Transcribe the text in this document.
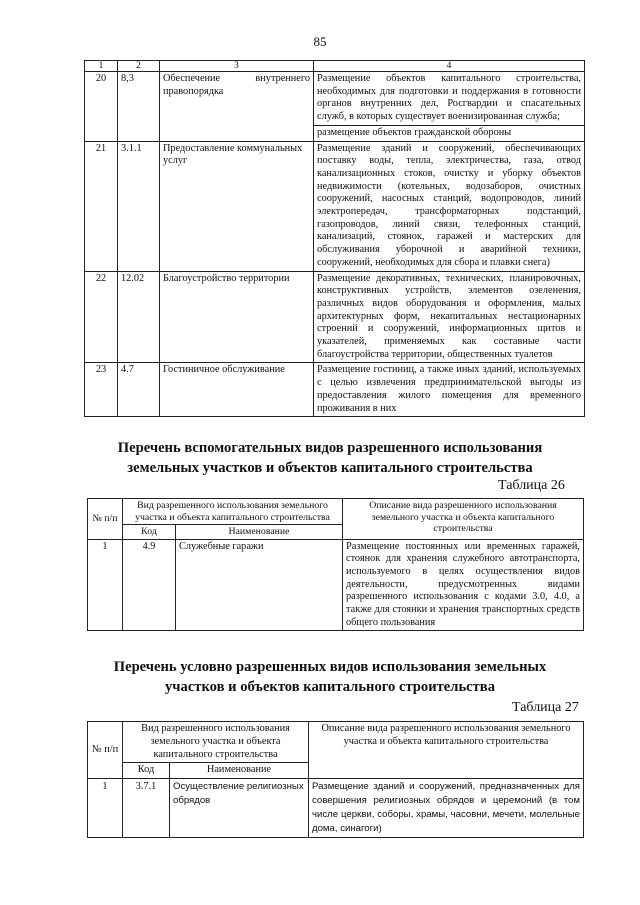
85
1	2	3	4
20	8,3	Обеспечение внутреннего правопорядка	Размещение объектов капитального строительства, необходимых для подготовки и поддержания в готовности органов внутренних дел, Росгвардии и спасательных служб, в которых существует военизированная служба;
размещение объектов гражданской обороны

21	3.1.1	Предоставление коммунальных услуг	Размещение зданий и сооружений, обеспечивающих поставку воды, тепла, электричества, газа, отвод канализационных стоков, очистку и уборку объектов недвижимости (котельных, водозаборов, очистных сооружений, насосных станций, водопроводов, линий электропередач, трансформаторных подстанций, газопроводов, линий связи, телефонных станций, канализаций, стоянок, гаражей и мастерских для обслуживания уборочной и аварийной техники, сооружений, необходимых для сбора и плавки снега)
22	12.02	Благоустройство территории	Размещение декоративных, технических, планировочных, конструктивных устройств, элементов озеленения, различных видов оборудования и оформления, малых архитектурных форм, некапитальных нестационарных строений и сооружений, информационных щитов и указателей, применяемых как составные части благоустройства территории, общественных туалетов
23	4.7	Гостиничное обслуживание	Размещение гостиниц, а также иных зданий, используемых с целью извлечения предпринимательской выгоды из предоставления жилого помещения для временного проживания в них
Перечень вспомогательных видов разрешенного использования
земельных участков и объектов капитального строительства
Таблица 26
№ п/п	Вид разрешенного использования земельного участка и объекта капитального строительства		Описание вида разрешенного использования земельного участка и объекта капитального строительства
	Код	Наименование	
1	4.9	Служебные гаражи	Размещение постоянных или временных гаражей, стоянок для хранения служебного автотранспорта, используемого в целях осуществления видов деятельности, предусмотренных видами разрешенного использования с кодами 3.0, 4.0, а также для стоянки и хранения транспортных средств общего пользования
Перечень условно разрешенных видов использования земельных
участков и объектов капитального строительства
Таблица 27
№ п/п	Вид разрешенного использования земельного участка и объекта капитального строительства		Описание вида разрешенного использования земельного участка и объекта капитального строительства
	Код	Наименование	
1	3.7.1	Осуществление религиозных обрядов	Размещение зданий и сооружений, предназначенных для совершения религиозных обрядов и церемоний (в том числе церкви, соборы, храмы, часовни, мечети, молельные дома, синагоги)
